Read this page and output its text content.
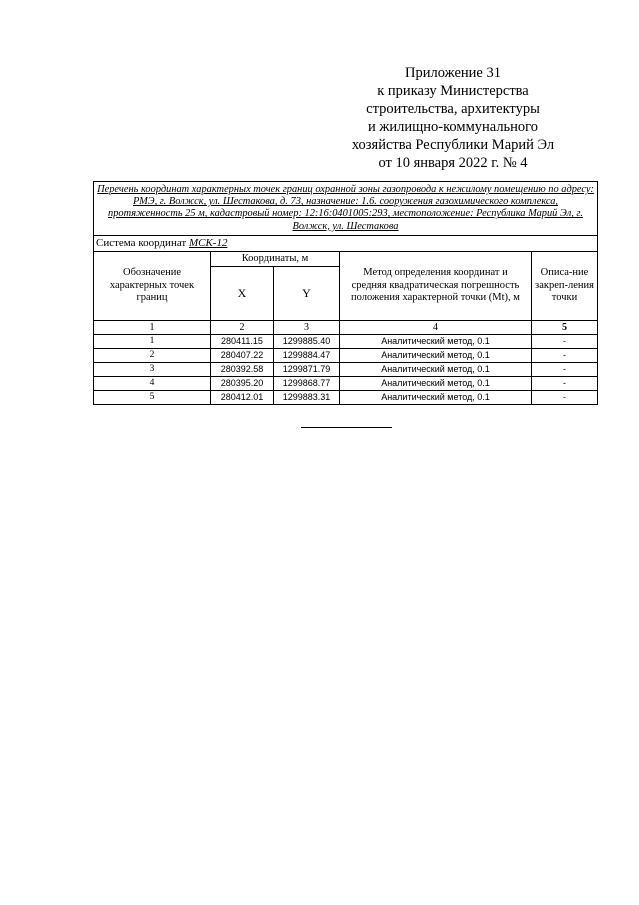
Приложение 31
к приказу Министерства
строительства, архитектуры
и жилищно-коммунального
хозяйства Республики Марий Эл
от 10 января 2022 г. № 4
Перечень координат характерных точек границ охранной зоны газопровода к нежилому помещению по адресу: РМЭ, г. Волжск, ул. Шестакова, д. 73, назначение: 1.6. сооружения газохимического комплекса, протяженность 25 м, кадастровый номер: 12:16:0401005:293, местоположение: Республика Марий Эл, г. Волжск, ул. Шестакова				
Система координат МСК-12				
Обозначение характерных точек границ	Координаты, м		Метод определения координат и средняя квадратическая погрешность положения характерной точки (Mt), м	Описа-ние закреп-ления точки
	X	Y		
1	2	3	4	5
1	280411.15	1299885.40	Аналитический метод, 0.1	-
2	280407.22	1299884.47	Аналитический метод, 0.1	-
3	280392.58	1299871.79	Аналитический метод, 0.1	-
4	280395.20	1299868.77	Аналитический метод, 0.1	-
5	280412.01	1299883.31	Аналитический метод, 0.1	-
